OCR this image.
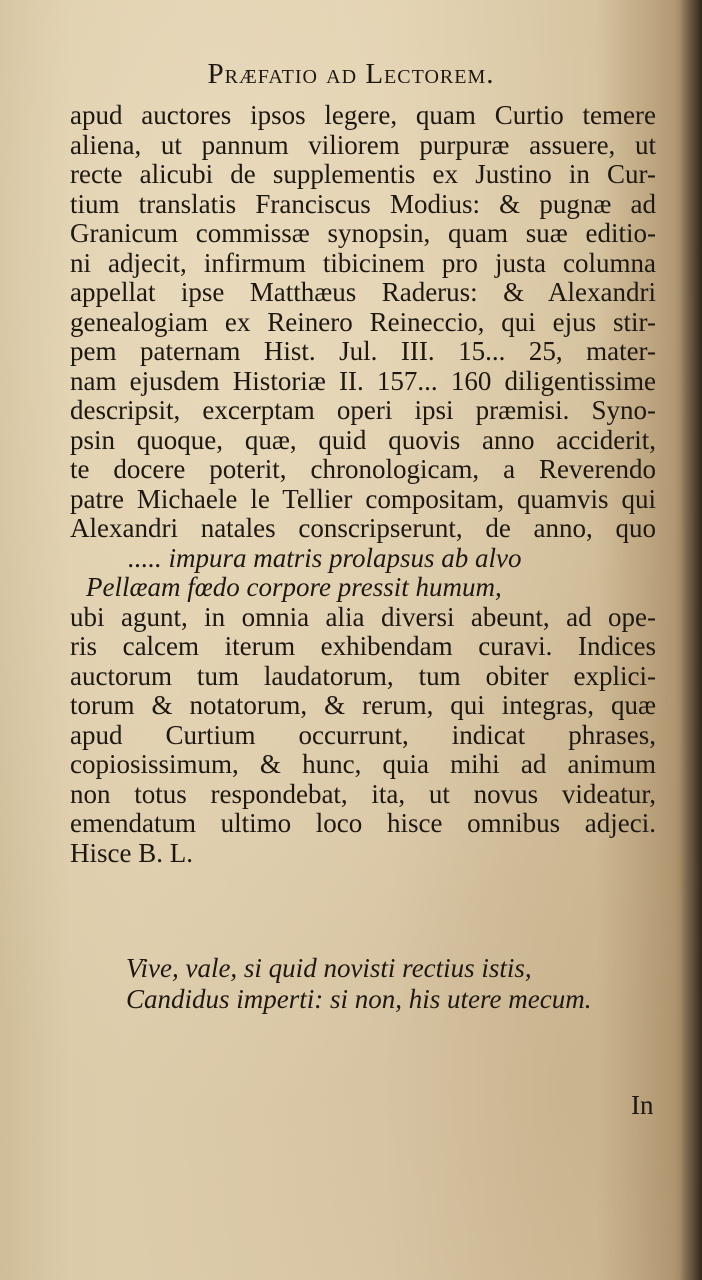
Præfatio ad Lectorem.
apud auctores ipsos legere, quam Curtio temere
aliena, ut pannum viliorem purpuræ assuere, ut
recte alicubi de supplementis ex Justino in Cur-
tium translatis Franciscus Modius: & pugnæ ad
Granicum commissæ synopsin, quam suæ editio-
ni adjecit, infirmum tibicinem pro justa columna
appellat ipse Matthæus Raderus: & Alexandri
genealogiam ex Reinero Reineccio, qui ejus stir-
pem paternam Hist. Jul. III. 15... 25, mater-
nam ejusdem Historiæ II. 157... 160 diligentissime
descripsit, excerptam operi ipsi præmisi. Syno-
psin quoque, quæ, quid quovis anno acciderit,
te docere poterit, chronologicam, a Reverendo
patre Michaele le Tellier compositam, quamvis qui
Alexandri natales conscripserunt, de anno, quo
..... impura matris prolapsus ab alvo
Pellæam fœdo corpore pressit humum,
ubi agunt, in omnia alia diversi abeunt, ad ope-
ris calcem iterum exhibendam curavi. Indices
auctorum tum laudatorum, tum obiter explici-
torum & notatorum, & rerum, qui integras, quæ
apud Curtium occurrunt, indicat phrases,
copiosissimum, & hunc, quia mihi ad animum
non totus respondebat, ita, ut novus videatur,
emendatum ultimo loco hisce omnibus adjeci.
Hisce B. L.
Vive, vale, si quid novisti rectius istis,
Candidus imperti: si non, his utere mecum.
In
